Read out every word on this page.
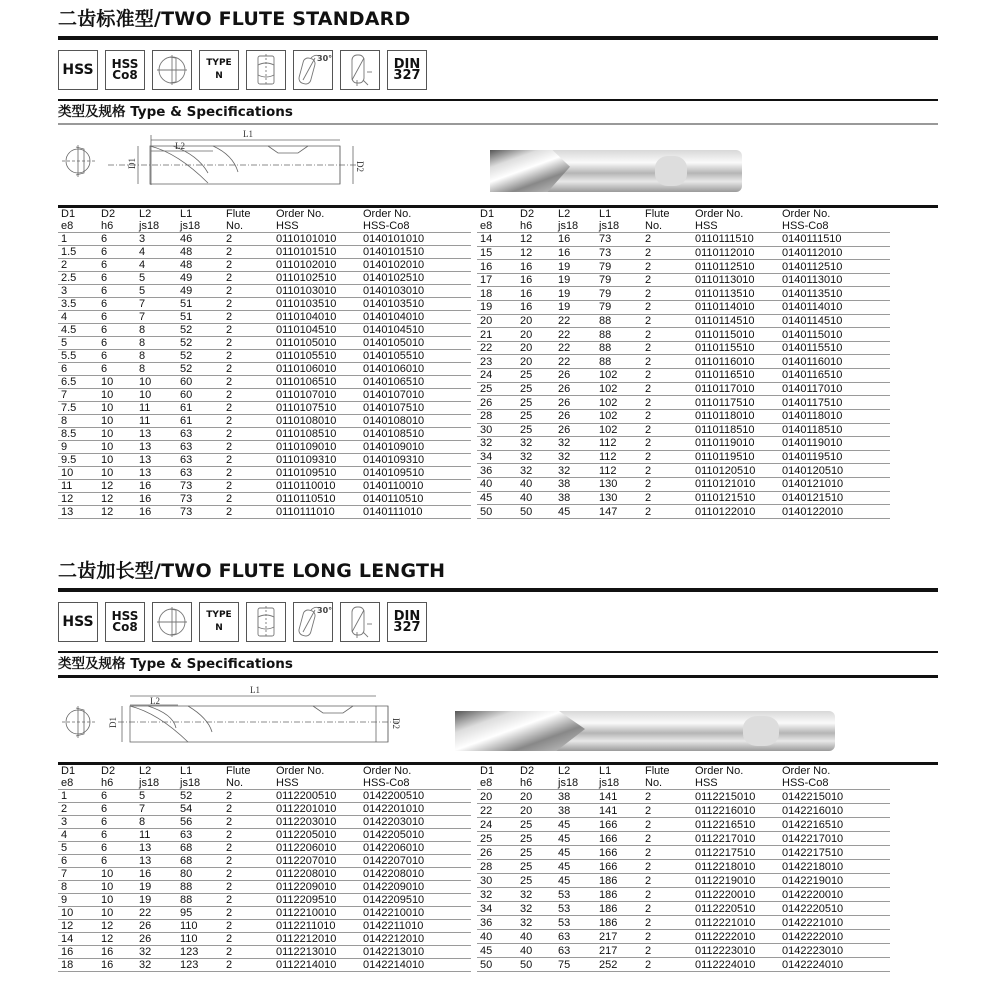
二齿标准型/TWO FLUTE STANDARD
HSS HSS
Co8
TYPE
N
30°	DIN
327
类型及规格 Type & Specifications
L1
L2
D1	D2
D1	D2	L2	L1	Flute	Order No.	Order No.
e8	h6	js18	js18	No.	HSS	HSS-Co8
1	6	3	46	2	0110101010	0140101010
1.5	6	4	48	2	0110101510	0140101510
2	6	4	48	2	0110102010	0140102010
2.5	6	5	49	2	0110102510	0140102510
3	6	5	49	2	0110103010	0140103010
3.5	6	7	51	2	0110103510	0140103510
4	6	7	51	2	0110104010	0140104010
4.5	6	8	52	2	0110104510	0140104510
5	6	8	52	2	0110105010	0140105010
5.5	6	8	52	2	0110105510	0140105510
6	6	8	52	2	0110106010	0140106010
6.5	10	10	60	2	0110106510	0140106510
7	10	10	60	2	0110107010	0140107010
7.5	10	11	61	2	0110107510	0140107510
8	10	11	61	2	0110108010	0140108010
8.5	10	13	63	2	0110108510	0140108510
9	10	13	63	2	0110109010	0140109010
9.5	10	13	63	2	0110109310	0140109310
10	10	13	63	2	0110109510	0140109510
11	12	16	73	2	0110110010	0140110010
12	12	16	73	2	0110110510	0140110510
13	12	16	73	2	0110111010	0140111010
D1	D2	L2	L1	Flute	Order No.	Order No.
e8	h6	js18	js18	No.	HSS	HSS-Co8
14	12	16	73	2	0110111510	0140111510
15	12	16	73	2	0110112010	0140112010
16	16	19	79	2	0110112510	0140112510
17	16	19	79	2	0110113010	0140113010
18	16	19	79	2	0110113510	0140113510
19	16	19	79	2	0110114010	0140114010
20	20	22	88	2	0110114510	0140114510
21	20	22	88	2	0110115010	0140115010
22	20	22	88	2	0110115510	0140115510
23	20	22	88	2	0110116010	0140116010
24	25	26	102	2	0110116510	0140116510
25	25	26	102	2	0110117010	0140117010
26	25	26	102	2	0110117510	0140117510
28	25	26	102	2	0110118010	0140118010
30	25	26	102	2	0110118510	0140118510
32	32	32	112	2	0110119010	0140119010
34	32	32	112	2	0110119510	0140119510
36	32	32	112	2	0110120510	0140120510
40	40	38	130	2	0110121010	0140121010
45	40	38	130	2	0110121510	0140121510
50	50	45	147	2	0110122010	0140122010
二齿加长型/TWO FLUTE LONG LENGTH
HSS HSS
Co8
TYPE
N
30°	DIN
327
类型及规格 Type & Specifications
L1
L2
D1	D2
D1	D2	L2	L1	Flute	Order No.	Order No.
e8	h6	js18	js18	No.	HSS	HSS-Co8
1	6	5	52	2	0112200510	0142200510
2	6	7	54	2	0112201010	0142201010
3	6	8	56	2	0112203010	0142203010
4	6	11	63	2	0112205010	0142205010
5	6	13	68	2	0112206010	0142206010
6	6	13	68	2	0112207010	0142207010
7	10	16	80	2	0112208010	0142208010
8	10	19	88	2	0112209010	0142209010
9	10	19	88	2	0112209510	0142209510
10	10	22	95	2	0112210010	0142210010
12	12	26	110	2	0112211010	0142211010
14	12	26	110	2	0112212010	0142212010
16	16	32	123	2	0112213010	0142213010
18	16	32	123	2	0112214010	0142214010
D1	D2	L2	L1	Flute	Order No.	Order No.
e8	h6	js18	js18	No.	HSS	HSS-Co8
20	20	38	141	2	0112215010	0142215010
22	20	38	141	2	0112216010	0142216010
24	25	45	166	2	0112216510	0142216510
25	25	45	166	2	0112217010	0142217010
26	25	45	166	2	0112217510	0142217510
28	25	45	166	2	0112218010	0142218010
30	25	45	186	2	0112219010	0142219010
32	32	53	186	2	0112220010	0142220010
34	32	53	186	2	0112220510	0142220510
36	32	53	186	2	0112221010	0142221010
40	40	63	217	2	0112222010	0142222010
45	40	63	217	2	0112223010	0142223010
50	50	75	252	2	0112224010	0142224010
